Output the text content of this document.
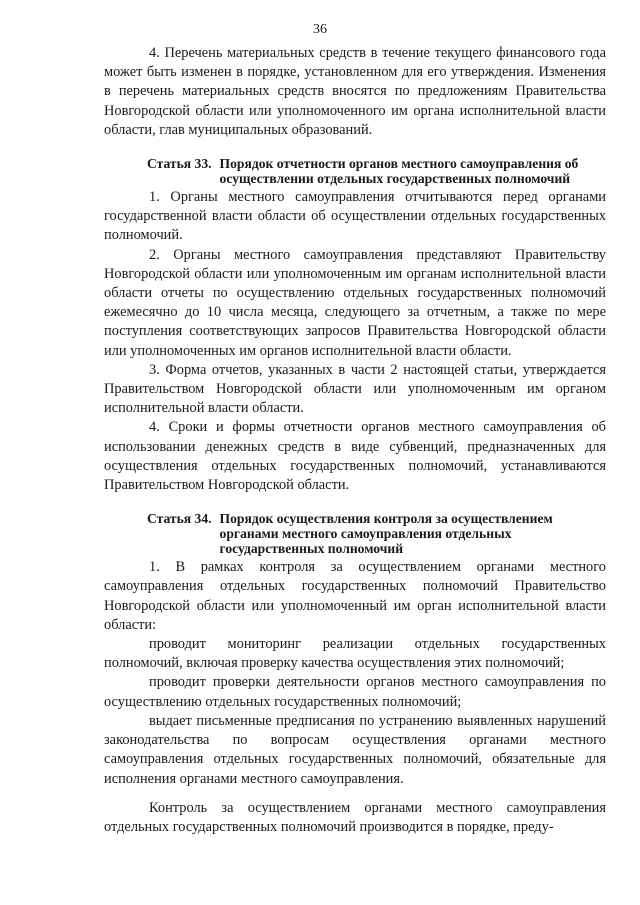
36

4. Перечень материальных средств в течение текущего финансового года может быть изменен в порядке, установленном для его утверждения. Изменения в перечень материальных средств вносятся по предложениям Правительства Новгородской области или уполномоченного им органа исполнительной власти области, глав муниципальных образований.

Статья 33. Порядок отчетности органов местного самоуправления об осуществлении отдельных государственных полномочий

1. Органы местного самоуправления отчитываются перед органами государственной власти области об осуществлении отдельных государственных полномочий.

2. Органы местного самоуправления представляют Правительству Новгородской области или уполномоченным им органам исполнительной власти области отчеты по осуществлению отдельных государственных полномочий ежемесячно до 10 числа месяца, следующего за отчетным, а также по мере поступления соответствующих запросов Правительства Новгородской области или уполномоченных им органов исполнительной власти области.

3. Форма отчетов, указанных в части 2 настоящей статьи, утверждается Правительством Новгородской области или уполномоченным им органом исполнительной власти области.

4. Сроки и формы отчетности органов местного самоуправления об использовании денежных средств в виде субвенций, предназначенных для осуществления отдельных государственных полномочий, устанавливаются Правительством Новгородской области.

Статья 34. Порядок осуществления контроля за осуществлением органами местного самоуправления отдельных государственных полномочий

1. В рамках контроля за осуществлением органами местного самоуправления отдельных государственных полномочий Правительство Новгородской области или уполномоченный им орган исполнительной власти области:

проводит мониторинг реализации отдельных государственных полномочий, включая проверку качества осуществления этих полномочий;

проводит проверки деятельности органов местного самоуправления по осуществлению отдельных государственных полномочий;

выдает письменные предписания по устранению выявленных нарушений законодательства по вопросам осуществления органами местного самоуправления отдельных государственных полномочий, обязательные для исполнения органами местного самоуправления.

Контроль за осуществлением органами местного самоуправления отдельных государственных полномочий производится в порядке, преду-
